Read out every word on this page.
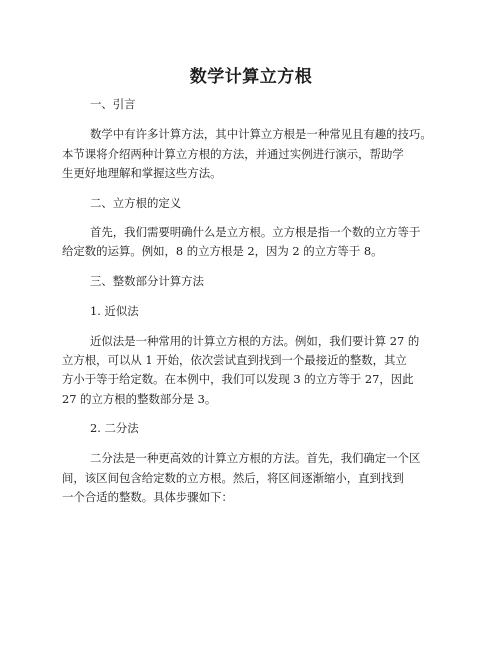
数学计算立方根
一、引言
数学中有许多计算方法，其中计算立方根是一种常见且有趣的技巧。
本节课将介绍两种计算立方根的方法，并通过实例进行演示，帮助学
生更好地理解和掌握这些方法。
二、立方根的定义
首先，我们需要明确什么是立方根。立方根是指一个数的立方等于
给定数的运算。例如，8 的立方根是 2，因为 2 的立方等于 8。
三、整数部分计算方法
1. 近似法
近似法是一种常用的计算立方根的方法。例如，我们要计算 27 的
立方根，可以从 1 开始，依次尝试直到找到一个最接近的整数，其立
方小于等于给定数。在本例中，我们可以发现 3 的立方等于 27，因此
27 的立方根的整数部分是 3。
2. 二分法
二分法是一种更高效的计算立方根的方法。首先，我们确定一个区
间，该区间包含给定数的立方根。然后，将区间逐渐缩小，直到找到
一个合适的整数。具体步骤如下：
